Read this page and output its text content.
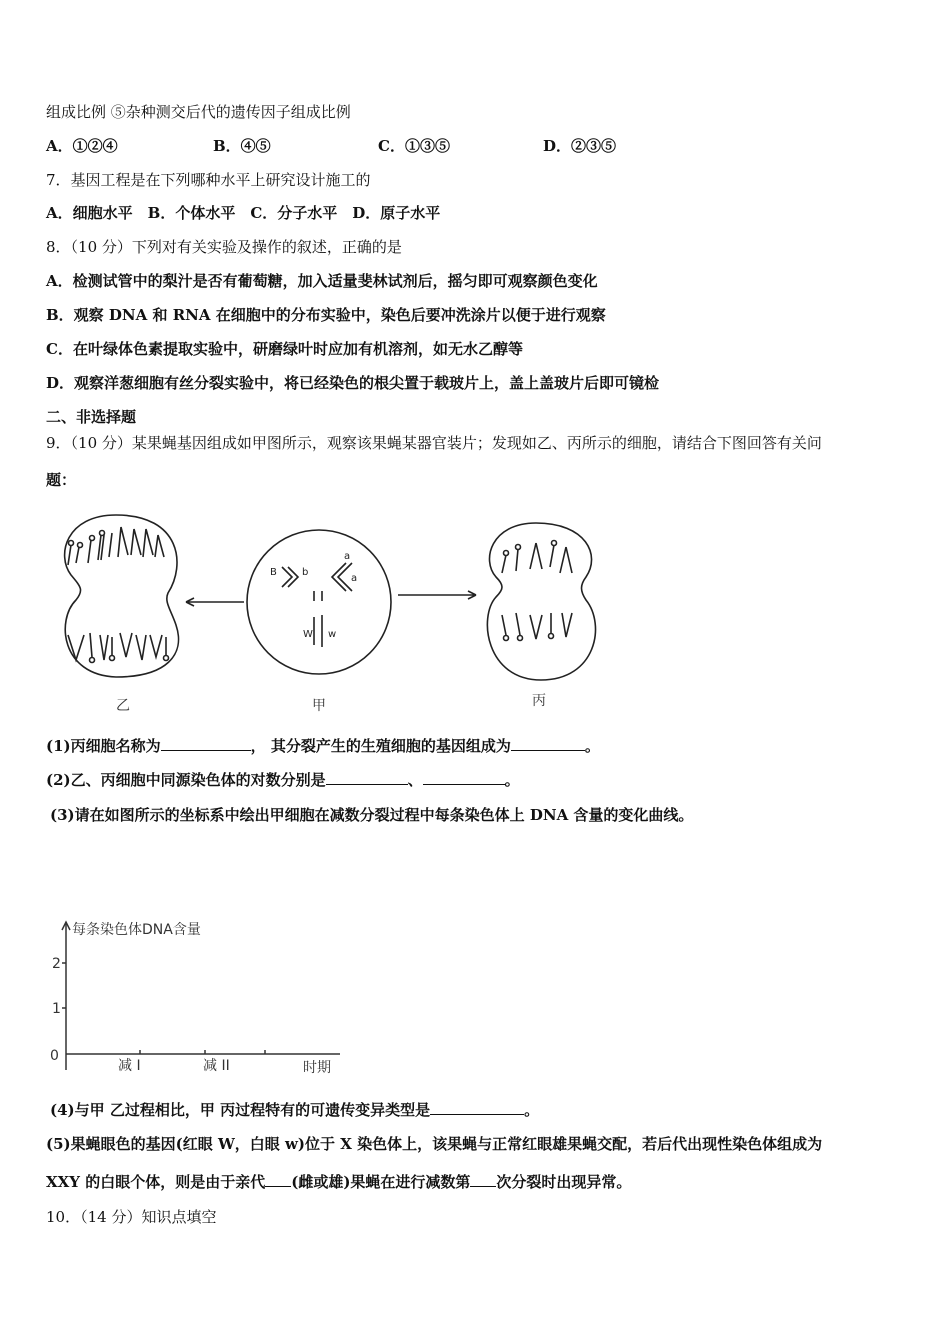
组成比例 ⑤杂种测交后代的遗传因子组成比例
A．①②④	B．④⑤	C．①③⑤	D．②③⑤
7．基因工程是在下列哪种水平上研究设计施工的
A．细胞水平　B．个体水平　C．分子水平　D．原子水平
8．（10 分）下列对有关实验及操作的叙述，正确的是
A．检测试管中的梨汁是否有葡萄糖，加入适量斐林试剂后，摇匀即可观察颜色变化
B．观察 DNA 和 RNA 在细胞中的分布实验中，染色后要冲洗涂片以便于进行观察
C．在叶绿体色素提取实验中，研磨绿叶时应加有机溶剂，如无水乙醇等
D．观察洋葱细胞有丝分裂实验中，将已经染色的根尖置于载玻片上，盖上盖玻片后即可镜检
二、非选择题
9．（10 分）某果蝇基因组成如甲图所示，观察该果蝇某器官装片；发现如乙、丙所示的细胞，请结合下图回答有关问
题：
B	b
a
a
W w
乙	甲	丙
(1)丙细胞名称为	， 其分裂产生的生殖细胞的基因组成为	。
(2)乙、丙细胞中同源染色体的对数分别是	、	。
(3)请在如图所示的坐标系中绘出甲细胞在减数分裂过程中每条染色体上 DNA 含量的变化曲线。
每条染色体DNA含量
2
1
0
减 I	减 II	时期
(4)与甲 乙过程相比，甲 丙过程特有的可遗传变异类型是	。
(5)果蝇眼色的基因(红眼 W，白眼 w)位于 X 染色体上，该果蝇与正常红眼雄果蝇交配，若后代出现性染色体组成为
XXY 的白眼个体，则是由于亲代 (雌或雄)果蝇在进行减数第 次分裂时出现异常。
10．（14 分）知识点填空
